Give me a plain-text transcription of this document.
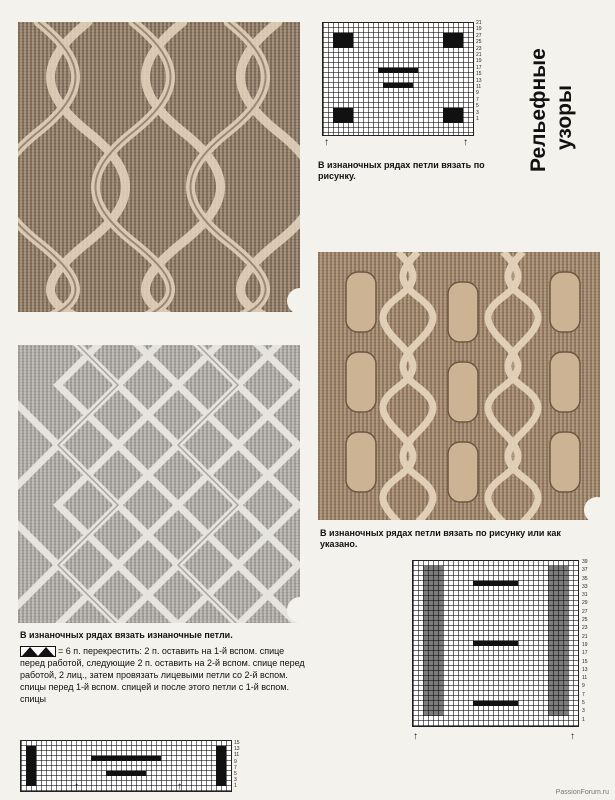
21
19
27
25
23
21
19
17
15
13
11
9
7
5
3
1
↑	↑
В изнаночных рядах петли вязать по рисунку.
Рельефные узоры
В изнаночных рядах петли вязать по рисунку или как указано.
В изнаночных рядах вязать изнаночные петли.
= 6 п. перекрестить: 2 п. оставить на 1-й вспом. спице перед работой, следующие 2 п. оставить на 2-й вспом. спице перед работой, 2 лиц., затем провязать лицевыми петли со 2-й вспом. спицы перед 1-й вспом. спицей и после этого петли с 1-й вспом. спицы
15
13
11
9
7
5
3
1
↑	↑
39
37
35
33
31
29
27
25
23
21
19
17
15
13
11
9
7
5
3
1
↑	↑
PassionForum.ru
